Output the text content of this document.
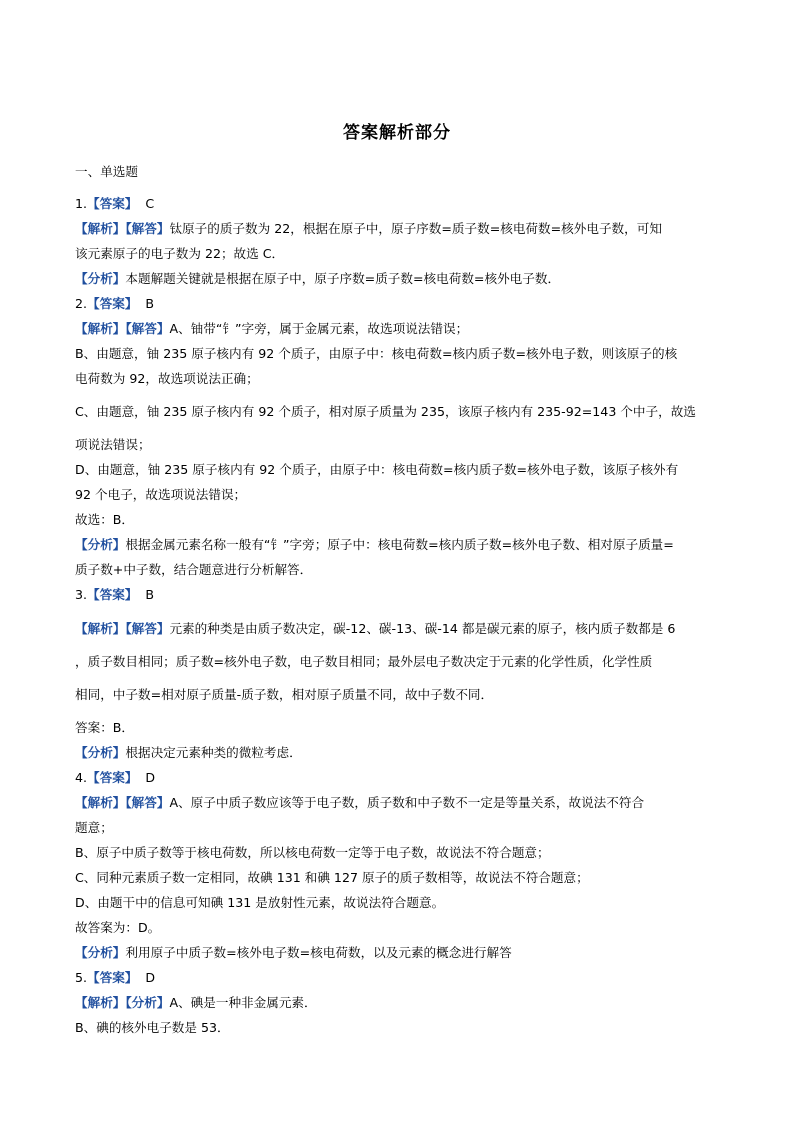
答案解析部分
一、单选题
1.【答案】 C
【解析】【解答】钛原子的质子数为 22，根据在原子中，原子序数=质子数=核电荷数=核外电子数，可知
该元素原子的电子数为 22；故选 C．
【分析】本题解题关键就是根据在原子中，原子序数=质子数=核电荷数=核外电子数．
2.【答案】 B
【解析】【解答】A、铀带“钅”字旁，属于金属元素，故选项说法错误；
B、由题意，铀 235 原子核内有 92 个质子，由原子中：核电荷数=核内质子数=核外电子数，则该原子的核
电荷数为 92，故选项说法正确；
C、由题意，铀 235 原子核内有 92 个质子，相对原子质量为 235，该原子核内有 235-92=143 个中子，故选
项说法错误；
D、由题意，铀 235 原子核内有 92 个质子，由原子中：核电荷数=核内质子数=核外电子数，该原子核外有
92 个电子，故选项说法错误；
故选：B．
【分析】根据金属元素名称一般有“钅”字旁；原子中：核电荷数=核内质子数=核外电子数、相对原子质量=
质子数+中子数，结合题意进行分析解答．
3.【答案】 B
【解析】【解答】元素的种类是由质子数决定，碳-12、碳-13、碳-14 都是碳元素的原子，核内质子数都是 6
，质子数目相同；质子数=核外电子数，电子数目相同；最外层电子数决定于元素的化学性质，化学性质
相同，中子数=相对原子质量-质子数，相对原子质量不同，故中子数不同．
答案：B．
【分析】根据决定元素种类的微粒考虑．
4.【答案】 D
【解析】【解答】A、原子中质子数应该等于电子数，质子数和中子数不一定是等量关系，故说法不符合
题意；
B、原子中质子数等于核电荷数，所以核电荷数一定等于电子数，故说法不符合题意；
C、同种元素质子数一定相同，故碘 131 和碘 127 原子的质子数相等，故说法不符合题意；
D、由题干中的信息可知碘 131 是放射性元素，故说法符合题意。
故答案为：D。
【分析】利用原子中质子数=核外电子数=核电荷数，以及元素的概念进行解答
5.【答案】 D
【解析】【分析】A、碘是一种非金属元素．
B、碘的核外电子数是 53．
